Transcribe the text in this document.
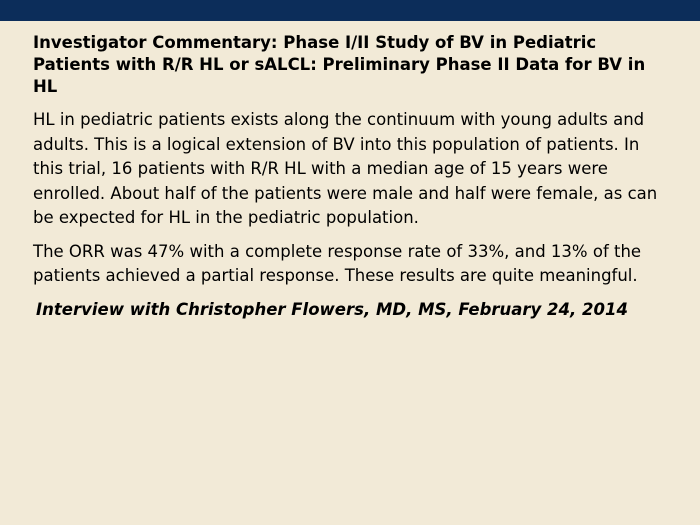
Investigator Commentary: Phase I/II Study of BV in Pediatric Patients with R/R HL or sALCL: Preliminary Phase II Data for BV in HL

HL in pediatric patients exists along the continuum with young adults and adults. This is a logical extension of BV into this population of patients. In this trial, 16 patients with R/R HL with a median age of 15 years were enrolled. About half of the patients were male and half were female, as can be expected for HL in the pediatric population.

The ORR was 47% with a complete response rate of 33%, and 13% of the patients achieved a partial response. These results are quite meaningful.

Interview with Christopher Flowers, MD, MS, February 24, 2014
